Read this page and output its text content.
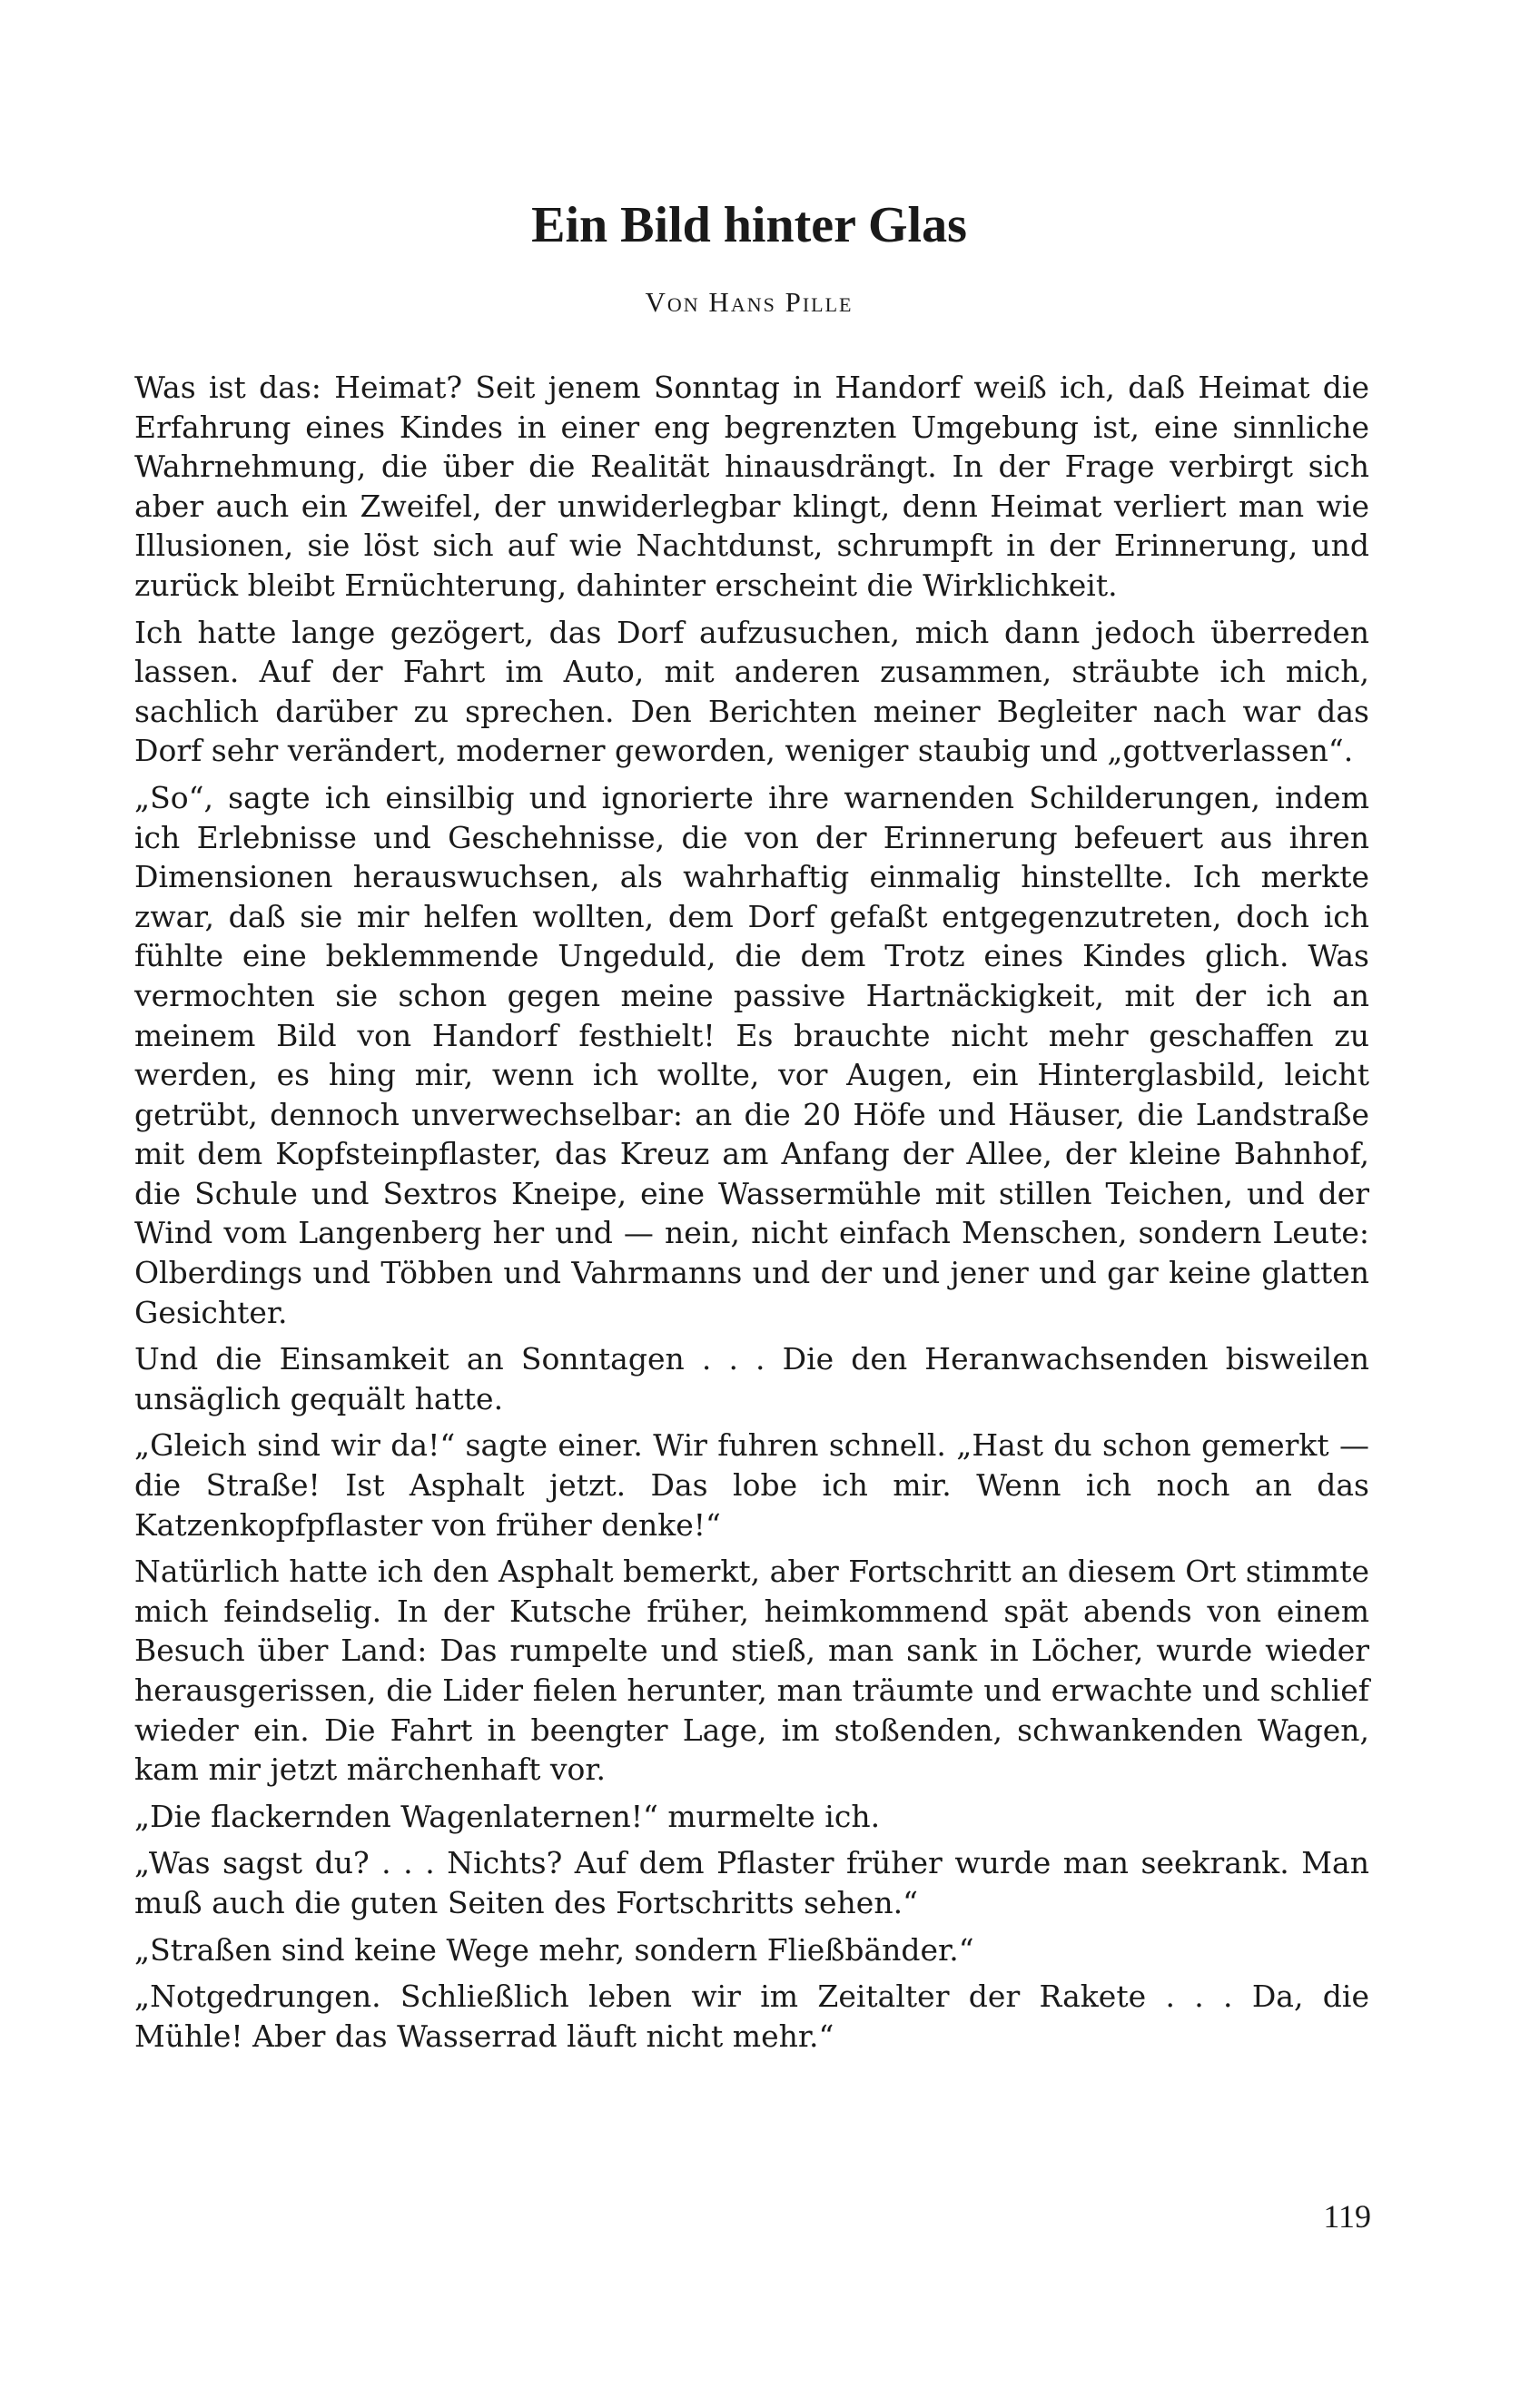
Ein Bild hinter Glas
Von Hans Pille

Was ist das: Heimat? Seit jenem Sonntag in Handorf weiß ich, daß Heimat die Erfahrung eines Kindes in einer eng begrenzten Umgebung ist, eine sinnliche Wahrnehmung, die über die Realität hinausdrängt. In der Frage verbirgt sich aber auch ein Zweifel, der unwiderlegbar klingt, denn Heimat verliert man wie Illusionen, sie löst sich auf wie Nachtdunst, schrumpft in der Erinnerung, und zurück bleibt Ernüchterung, dahinter erscheint die Wirklichkeit.

Ich hatte lange gezögert, das Dorf aufzusuchen, mich dann jedoch überreden lassen. Auf der Fahrt im Auto, mit anderen zusammen, sträubte ich mich, sachlich darüber zu sprechen. Den Berichten meiner Begleiter nach war das Dorf sehr verändert, moderner geworden, weniger staubig und „gottverlassen“.

„So“, sagte ich einsilbig und ignorierte ihre warnenden Schilderungen, indem ich Erlebnisse und Geschehnisse, die von der Erinnerung befeuert aus ihren Dimensionen herauswuchsen, als wahrhaftig einmalig hinstellte. Ich merkte zwar, daß sie mir helfen wollten, dem Dorf gefaßt entgegenzutreten, doch ich fühlte eine beklemmende Ungeduld, die dem Trotz eines Kindes glich. Was vermochten sie schon gegen meine passive Hartnäckigkeit, mit der ich an meinem Bild von Handorf festhielt! Es brauchte nicht mehr geschaffen zu werden, es hing mir, wenn ich wollte, vor Augen, ein Hinterglasbild, leicht getrübt, dennoch unverwechselbar: an die 20 Höfe und Häuser, die Landstraße mit dem Kopfsteinpflaster, das Kreuz am Anfang der Allee, der kleine Bahnhof, die Schule und Sextros Kneipe, eine Wassermühle mit stillen Teichen, und der Wind vom Langenberg her und — nein, nicht einfach Menschen, sondern Leute: Olberdings und Többen und Vahrmanns und der und jener und gar keine glatten Gesichter.

Und die Einsamkeit an Sonntagen . . . Die den Heranwachsenden bisweilen unsäglich gequält hatte.

„Gleich sind wir da!“ sagte einer. Wir fuhren schnell. „Hast du schon gemerkt — die Straße! Ist Asphalt jetzt. Das lobe ich mir. Wenn ich noch an das Katzenkopfpflaster von früher denke!“

Natürlich hatte ich den Asphalt bemerkt, aber Fortschritt an diesem Ort stimmte mich feindselig. In der Kutsche früher, heimkommend spät abends von einem Besuch über Land: Das rumpelte und stieß, man sank in Löcher, wurde wieder herausgerissen, die Lider fielen herunter, man träumte und erwachte und schlief wieder ein. Die Fahrt in beengter Lage, im stoßenden, schwankenden Wagen, kam mir jetzt märchenhaft vor.

„Die flackernden Wagenlaternen!“ murmelte ich.

„Was sagst du? . . . Nichts? Auf dem Pflaster früher wurde man seekrank. Man muß auch die guten Seiten des Fortschritts sehen.“

„Straßen sind keine Wege mehr, sondern Fließbänder.“

„Notgedrungen. Schließlich leben wir im Zeitalter der Rakete . . . Da, die Mühle! Aber das Wasserrad läuft nicht mehr.“

119
